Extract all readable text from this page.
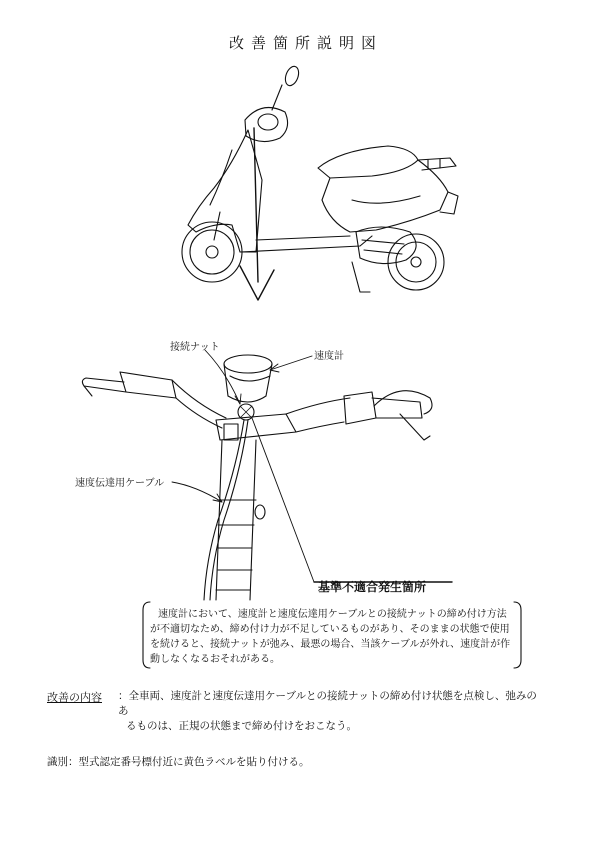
改善箇所説明図
接続ナット
速度計
速度伝達用ケーブル
基準不適合発生箇所
速度計において、速度計と速度伝達用ケーブルとの接続ナットの締め付け方法が不適切なため、締め付け力が不足しているものがあり、そのままの状態で使用を続けると、接続ナットが弛み、最悪の場合、当該ケーブルが外れ、速度計が作動しなくなるおそれがある。
改善の内容 ：全車両、速度計と速度伝達用ケーブルとの接続ナットの締め付け状態を点検し、弛みのあ
るものは、正規の状態まで締め付けをおこなう。
識別：型式認定番号標付近に黄色ラベルを貼り付ける。
